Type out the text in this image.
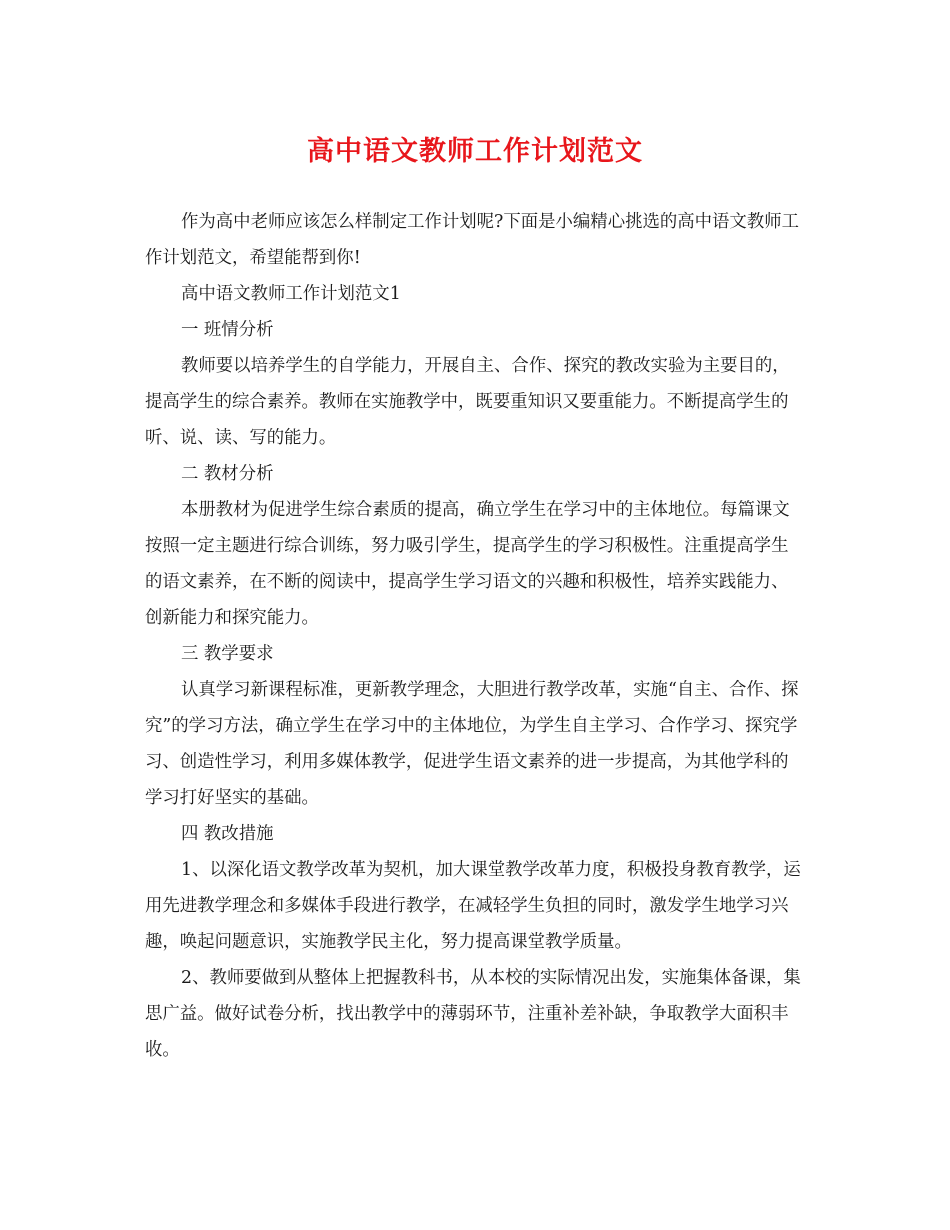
高中语文教师工作计划范文

作为高中老师应该怎么样制定工作计划呢?下面是小编精心挑选的高中语文教师工作计划范文，希望能帮到你!

高中语文教师工作计划范文1

一 班情分析

教师要以培养学生的自学能力，开展自主、合作、探究的教改实验为主要目的，提高学生的综合素养。教师在实施教学中，既要重知识又要重能力。不断提高学生的听、说、读、写的能力。

二 教材分析

本册教材为促进学生综合素质的提高，确立学生在学习中的主体地位。每篇课文按照一定主题进行综合训练，努力吸引学生，提高学生的学习积极性。注重提高学生的语文素养，在不断的阅读中，提高学生学习语文的兴趣和积极性，培养实践能力、创新能力和探究能力。

三 教学要求

认真学习新课程标准，更新教学理念，大胆进行教学改革，实施“自主、合作、探究”的学习方法，确立学生在学习中的主体地位，为学生自主学习、合作学习、探究学习、创造性学习，利用多媒体教学，促进学生语文素养的进一步提高，为其他学科的学习打好坚实的基础。

四 教改措施

1、以深化语文教学改革为契机，加大课堂教学改革力度，积极投身教育教学，运用先进教学理念和多媒体手段进行教学，在减轻学生负担的同时，激发学生地学习兴趣，唤起问题意识，实施教学民主化，努力提高课堂教学质量。

2、教师要做到从整体上把握教科书，从本校的实际情况出发，实施集体备课，集思广益。做好试卷分析，找出教学中的薄弱环节，注重补差补缺，争取教学大面积丰收。
